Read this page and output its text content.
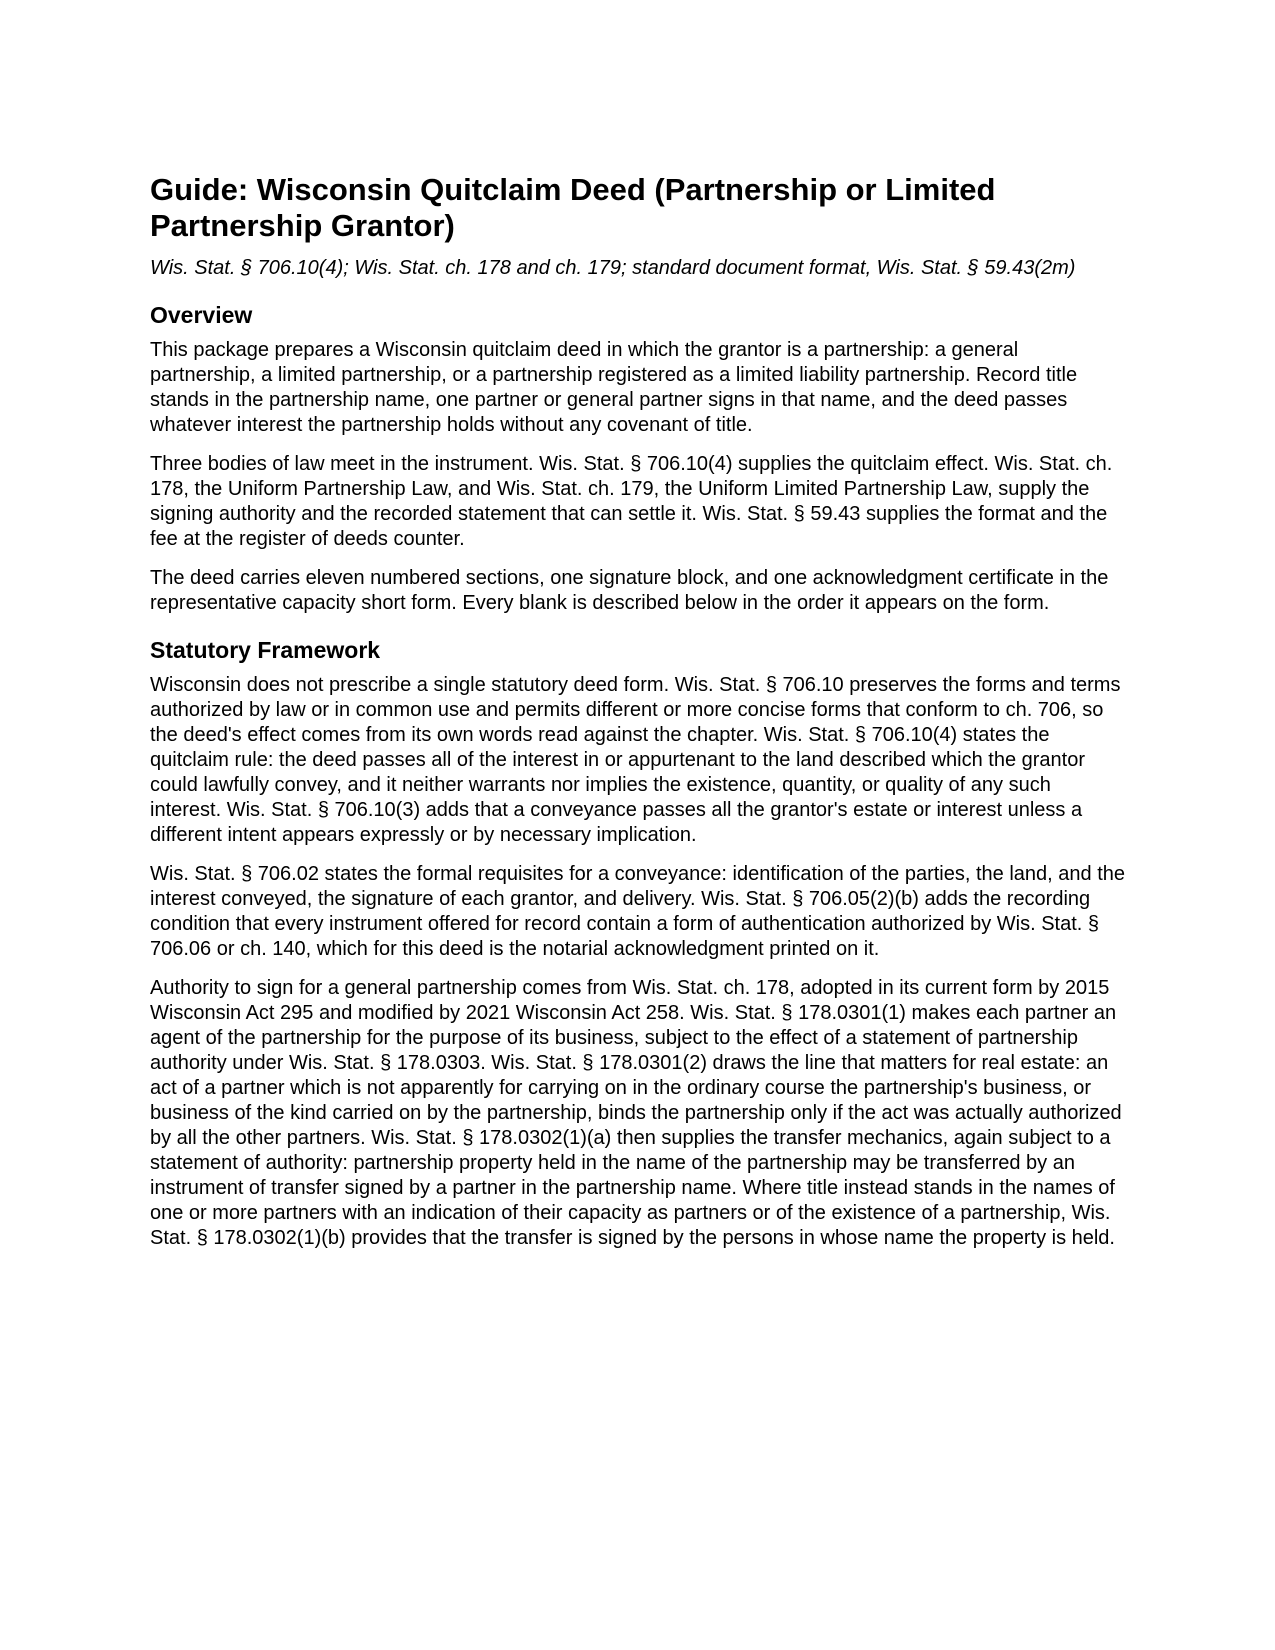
Guide: Wisconsin Quitclaim Deed (Partnership or Limited Partnership Grantor)

Wis. Stat. § 706.10(4); Wis. Stat. ch. 178 and ch. 179; standard document format, Wis. Stat. § 59.43(2m)

Overview

This package prepares a Wisconsin quitclaim deed in which the grantor is a partnership: a general partnership, a limited partnership, or a partnership registered as a limited liability partnership. Record title stands in the partnership name, one partner or general partner signs in that name, and the deed passes whatever interest the partnership holds without any covenant of title.

Three bodies of law meet in the instrument. Wis. Stat. § 706.10(4) supplies the quitclaim effect. Wis. Stat. ch. 178, the Uniform Partnership Law, and Wis. Stat. ch. 179, the Uniform Limited Partnership Law, supply the signing authority and the recorded statement that can settle it. Wis. Stat. § 59.43 supplies the format and the fee at the register of deeds counter.

The deed carries eleven numbered sections, one signature block, and one acknowledgment certificate in the representative capacity short form. Every blank is described below in the order it appears on the form.

Statutory Framework

Wisconsin does not prescribe a single statutory deed form. Wis. Stat. § 706.10 preserves the forms and terms authorized by law or in common use and permits different or more concise forms that conform to ch. 706, so the deed's effect comes from its own words read against the chapter. Wis. Stat. § 706.10(4) states the quitclaim rule: the deed passes all of the interest in or appurtenant to the land described which the grantor could lawfully convey, and it neither warrants nor implies the existence, quantity, or quality of any such interest. Wis. Stat. § 706.10(3) adds that a conveyance passes all the grantor's estate or interest unless a different intent appears expressly or by necessary implication.

Wis. Stat. § 706.02 states the formal requisites for a conveyance: identification of the parties, the land, and the interest conveyed, the signature of each grantor, and delivery. Wis. Stat. § 706.05(2)(b) adds the recording condition that every instrument offered for record contain a form of authentication authorized by Wis. Stat. § 706.06 or ch. 140, which for this deed is the notarial acknowledgment printed on it.

Authority to sign for a general partnership comes from Wis. Stat. ch. 178, adopted in its current form by 2015 Wisconsin Act 295 and modified by 2021 Wisconsin Act 258. Wis. Stat. § 178.0301(1) makes each partner an agent of the partnership for the purpose of its business, subject to the effect of a statement of partnership authority under Wis. Stat. § 178.0303. Wis. Stat. § 178.0301(2) draws the line that matters for real estate: an act of a partner which is not apparently for carrying on in the ordinary course the partnership's business, or business of the kind carried on by the partnership, binds the partnership only if the act was actually authorized by all the other partners. Wis. Stat. § 178.0302(1)(a) then supplies the transfer mechanics, again subject to a statement of authority: partnership property held in the name of the partnership may be transferred by an instrument of transfer signed by a partner in the partnership name. Where title instead stands in the names of one or more partners with an indication of their capacity as partners or of the existence of a partnership, Wis. Stat. § 178.0302(1)(b) provides that the transfer is signed by the persons in whose name the property is held.
